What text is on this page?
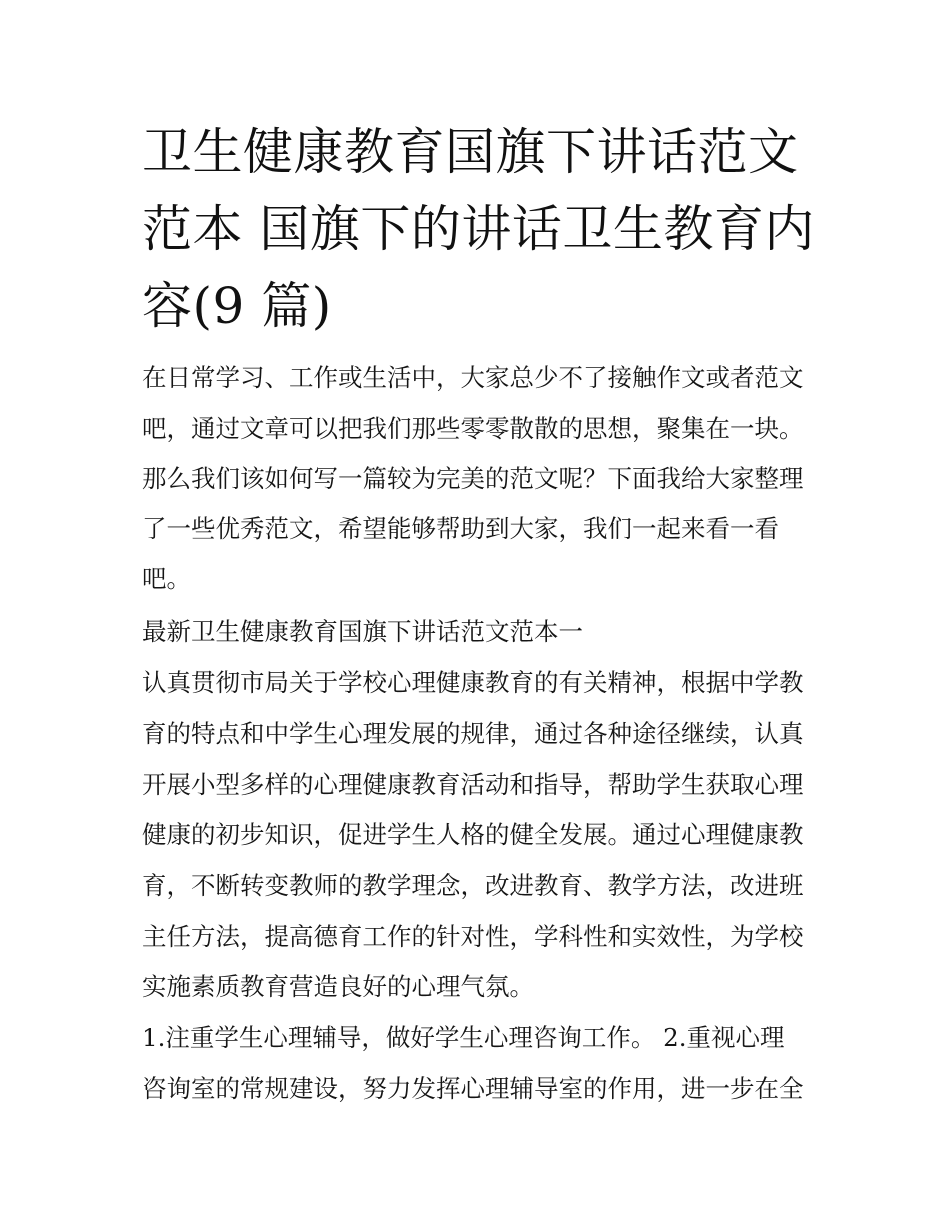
卫生健康教育国旗下讲话范文
范本 国旗下的讲话卫生教育内
容(9 篇)
在日常学习、工作或生活中，大家总少不了接触作文或者范文
吧，通过文章可以把我们那些零零散散的思想，聚集在一块。
那么我们该如何写一篇较为完美的范文呢？下面我给大家整理
了一些优秀范文，希望能够帮助到大家，我们一起来看一看
吧。
最新卫生健康教育国旗下讲话范文范本一
认真贯彻市局关于学校心理健康教育的有关精神，根据中学教
育的特点和中学生心理发展的规律，通过各种途径继续，认真
开展小型多样的心理健康教育活动和指导，帮助学生获取心理
健康的初步知识，促进学生人格的健全发展。通过心理健康教
育，不断转变教师的教学理念，改进教育、教学方法，改进班
主任方法，提高德育工作的针对性，学科性和实效性，为学校
实施素质教育营造良好的心理气氛。
1.注重学生心理辅导，做好学生心理咨询工作。 2.重视心理
咨询室的常规建设，努力发挥心理辅导室的作用，进一步在全
